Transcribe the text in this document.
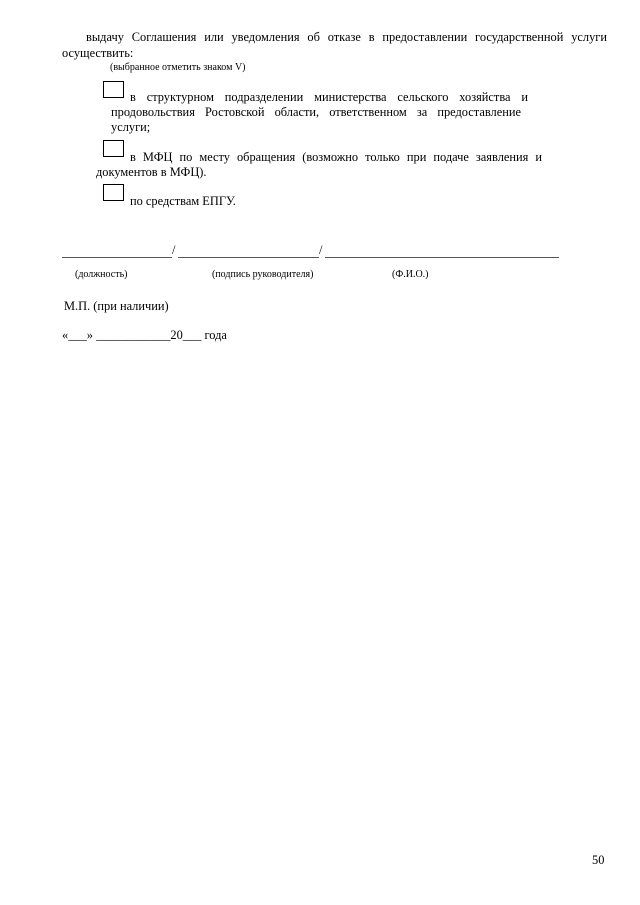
выдачу Соглашения или уведомления об отказе в предоставлении государственной услуги
осуществить:
(выбранное отметить знаком V)
в структурном подразделении министерства сельского хозяйства и
продовольствия Ростовской области, ответственном за предоставление
услуги;
в МФЦ по месту обращения (возможно только при подаче заявления и
документов в МФЦ).
по средствам ЕПГУ.
/	/
(должность)	(подпись руководителя)	(Ф.И.О.)
М.П. (при наличии)
«___» ____________20___ года
50
